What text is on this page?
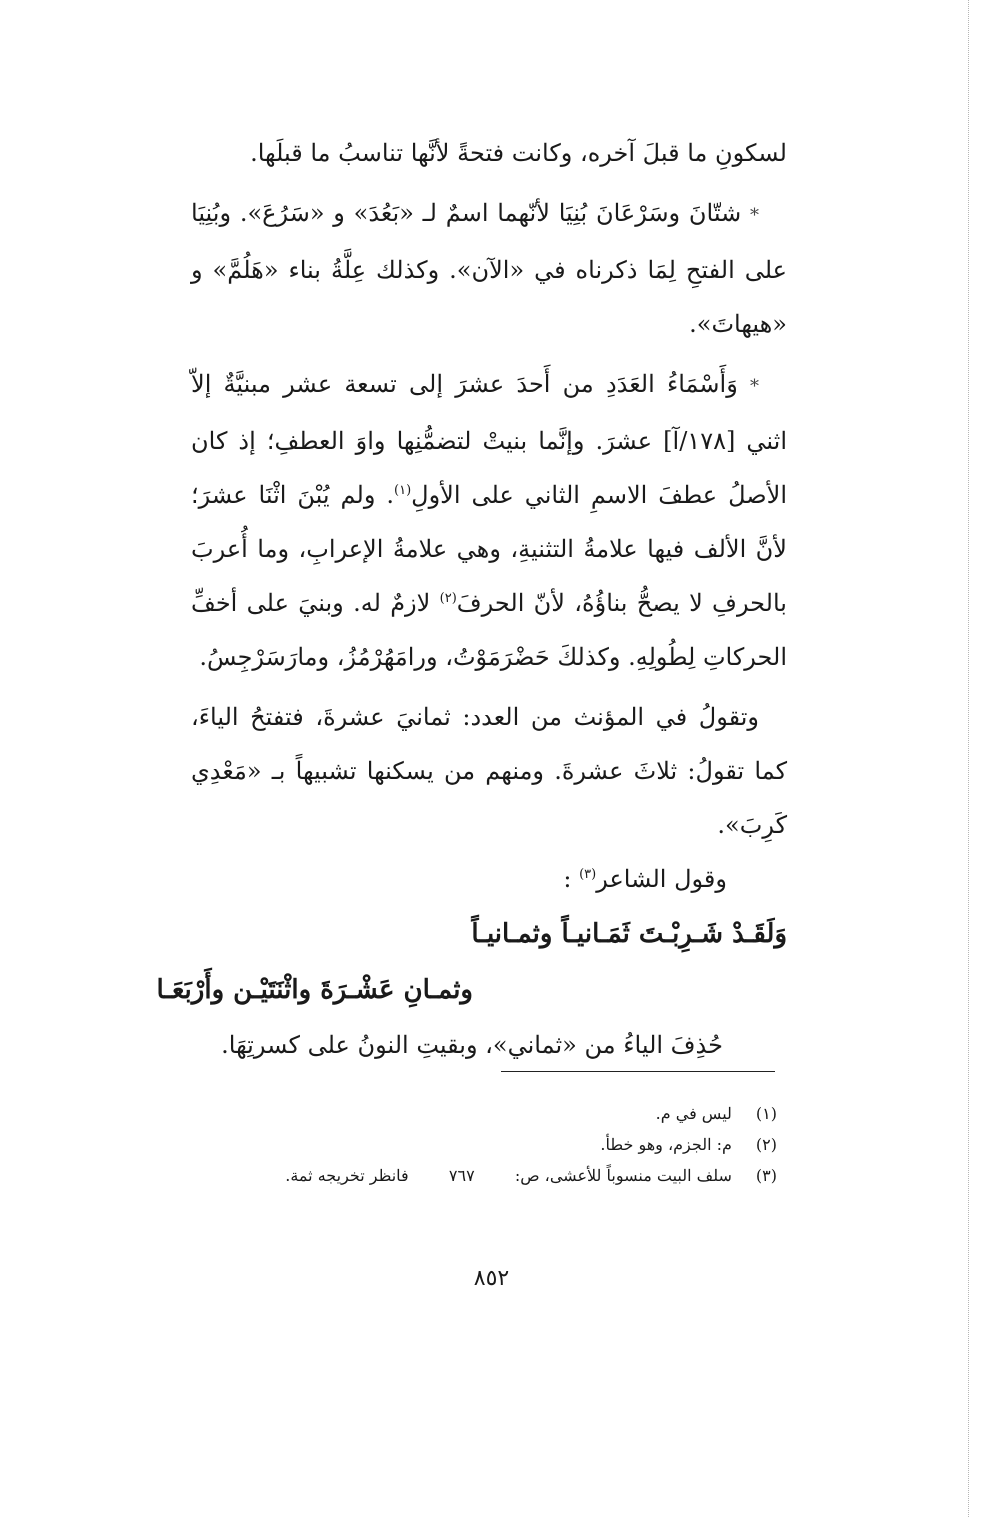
لسكونِ ما قبلَ آخره، وكانت فتحةً لأنَّها تناسبُ ما قبلَها.

* شتّانَ وسَرْعَانَ بُنِيَا لأنّهما اسمٌ لـ «بَعُدَ» و «سَرُعَ». وبُنِيَا على الفتحِ لِمَا ذكرناه في «الآن». وكذلك عِلَّةُ بناء «هَلُمَّ» و «هيهاتَ».

* وَأَسْمَاءُ العَدَدِ من أَحدَ عشرَ إلى تسعة عشر مبنيَّةٌ إلاّ اثني [١٧٨/آ] عشرَ. وإنَّما بنيتْ لتضمُّنِها واوَ العطفِ؛ إذ كان الأصلُ عطفَ الاسمِ الثاني على الأولِ$^{(١)}$. ولم يُبْنَ اثْنَا عشرَ؛ لأنَّ الألف فيها علامةُ التثنيةِ، وهي علامةُ الإعرابِ، وما أُعربَ بالحرفِ لا يصحُّ بناؤُهُ، لأنّ الحرفَ$^{(٢)}$ لازمٌ له. وبنيَ على أخفِّ الحركاتِ لِطُولِهِ. وكذلكَ حَضْرَمَوْتُ، ورامَهُرْمُزُ، ومارَسَرْجِسُ.

وتقولُ في المؤنث من العدد: ثمانيَ عشرةَ، فتفتحُ الياءَ، كما تقولُ: ثلاثَ عشرةَ. ومنهم من يسكنها تشبيهاً بـ «مَعْدِي كَرِبَ».

وقول الشاعر$^{(٣)}$ :

وَلَقَـدْ شَـرِبْـتَ ثَمَـانيـاً وثمـانيـاً

وثمـانِ عَشْـرَةَ واثْنَتَيْـن وأَرْبَعَـا

حُذِفَ الياءُ من «ثماني»، وبقيتِ النونُ على كسرتِهَا.

(١) ليس في م.

(٢) م: الجزم، وهو خطأ.

(٣) سلف البيت منسوباً للأعشى، ص:  ٧٦٧  فانظر تخريجه ثمة.

٨٥٢
